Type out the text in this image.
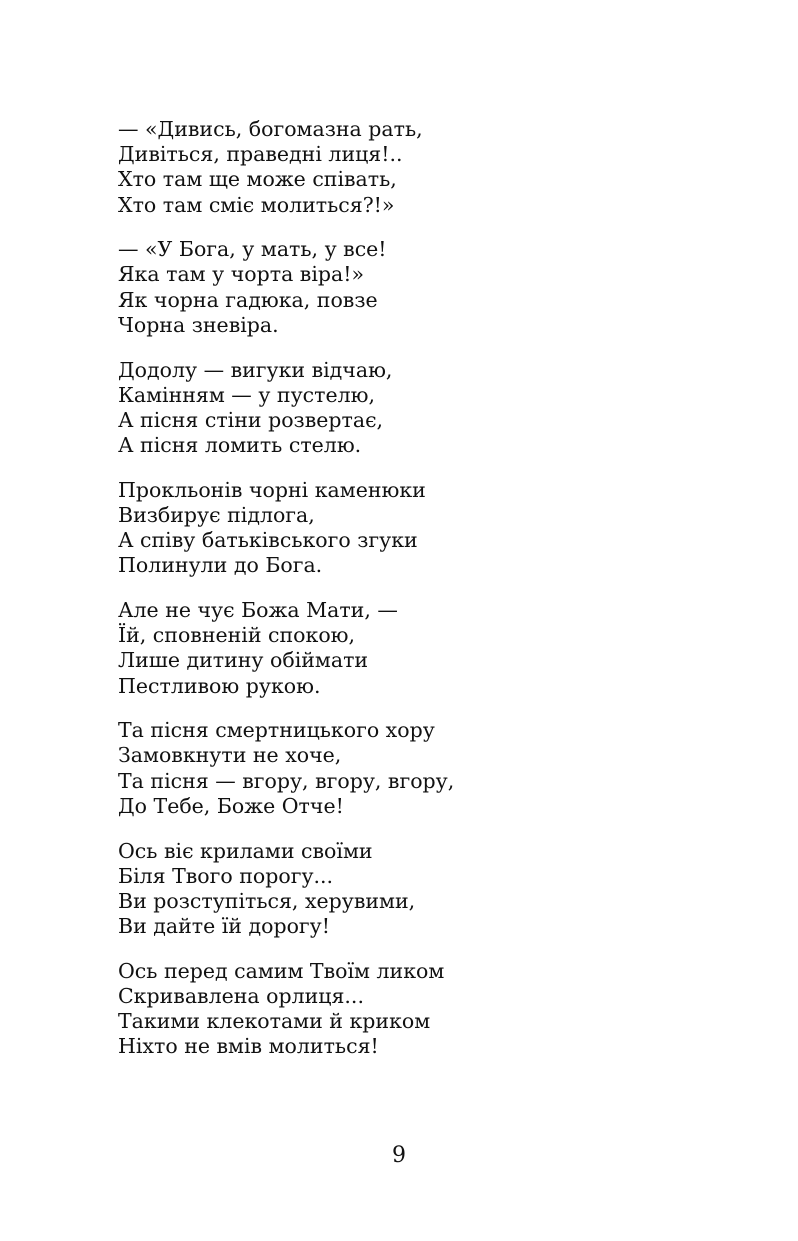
— «Дивись, богомазна рать,
Дивіться, праведні лиця!..
Хто там ще може співать,
Хто там сміє молиться?!»
— «У Бога, у мать, у все!
Яка там у чорта віра!»
Як чорна гадюка, повзе
Чорна зневіра.
Додолу — вигуки відчаю,
Камінням — у пустелю,
А пісня стіни розвертає,
А пісня ломить стелю.
Прокльонів чорні каменюки
Визбирує підлога,
А співу батьківського згуки
Полинули до Бога.
Але не чує Божа Мати, —
Їй, сповненій спокою,
Лише дитину обіймати
Пестливою рукою.
Та пісня смертницького хору
Замовкнути не хоче,
Та пісня — вгору, вгору, вгору,
До Тебе, Боже Отче!
Ось віє крилами своїми
Біля Твого порогу...
Ви розступіться, херувими,
Ви дайте їй дорогу!
Ось перед самим Твоїм ликом
Скривавлена орлиця...
Такими клекотами й криком
Ніхто не вмів молиться!
9
